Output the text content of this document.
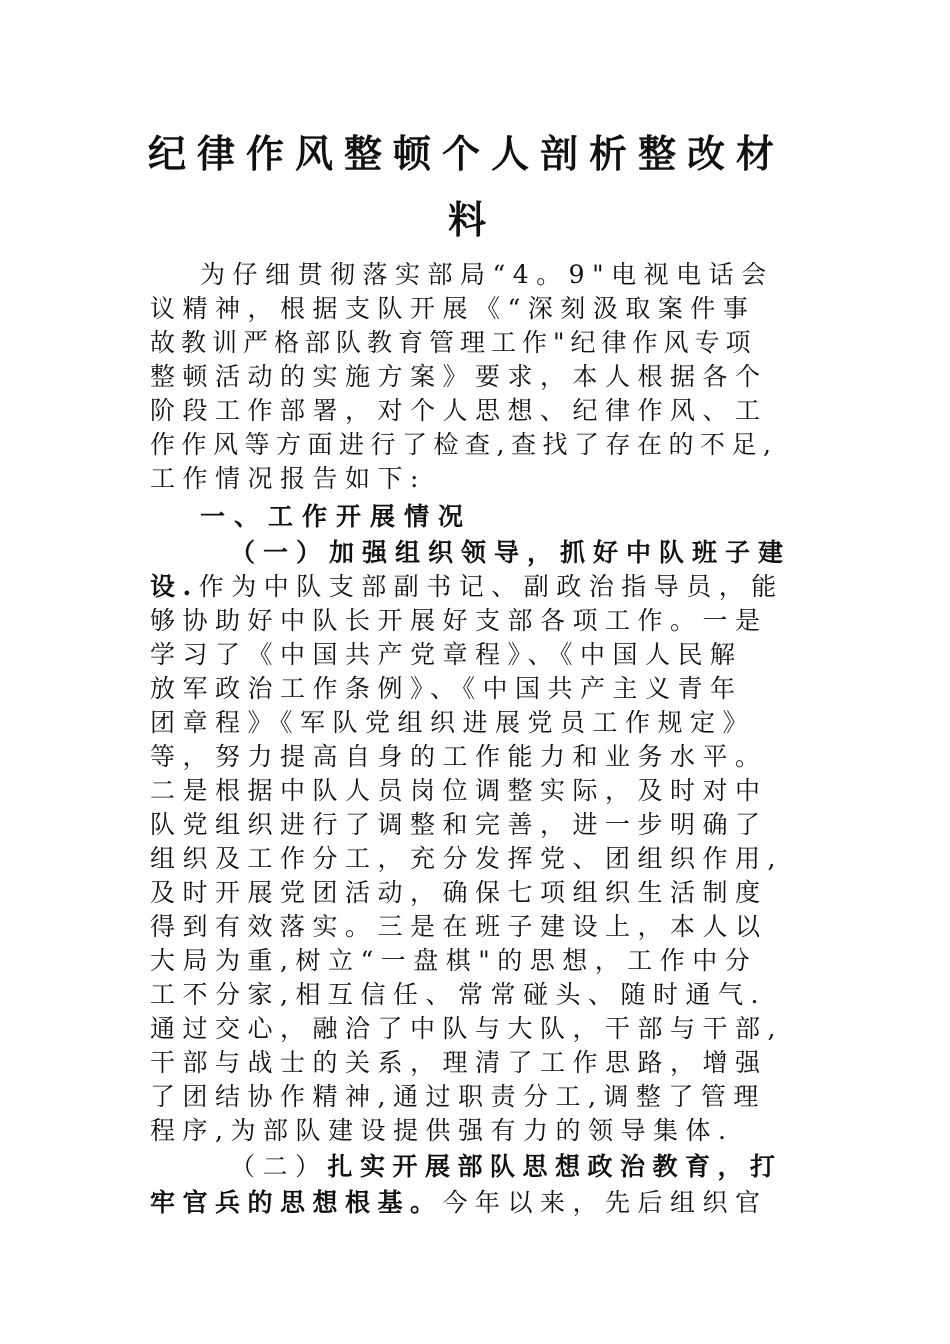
纪律作风整顿个人剖析整改材
料
为仔细贯彻落实部局“4。9"电视电话会
议精神，根据支队开展《“深刻汲取案件事
故教训严格部队教育管理工作"纪律作风专项
整顿活动的实施方案》要求，本人根据各个
阶段工作部署，对个人思想、纪律作风、工
作作风等方面进行了检查,查找了存在的不足,
工作情况报告如下:
一、工作开展情况
（一）加强组织领导，抓好中队班子建
设.作为中队支部副书记、副政治指导员，能
够协助好中队长开展好支部各项工作。一是
学习了《中国共产党章程》、《中国人民解
放军政治工作条例》、《中国共产主义青年
团章程》《军队党组织进展党员工作规定》
等，努力提高自身的工作能力和业务水平。
二是根据中队人员岗位调整实际，及时对中
队党组织进行了调整和完善，进一步明确了
组织及工作分工，充分发挥党、团组织作用,
及时开展党团活动，确保七项组织生活制度
得到有效落实。三是在班子建设上，本人以
大局为重,树立“一盘棋"的思想，工作中分
工不分家,相互信任、常常碰头、随时通气.
通过交心，融洽了中队与大队，干部与干部,
干部与战士的关系，理清了工作思路，增强
了团结协作精神,通过职责分工,调整了管理
程序,为部队建设提供强有力的领导集体.
（二）扎实开展部队思想政治教育，打
牢官兵的思想根基。今年以来，先后组织官
